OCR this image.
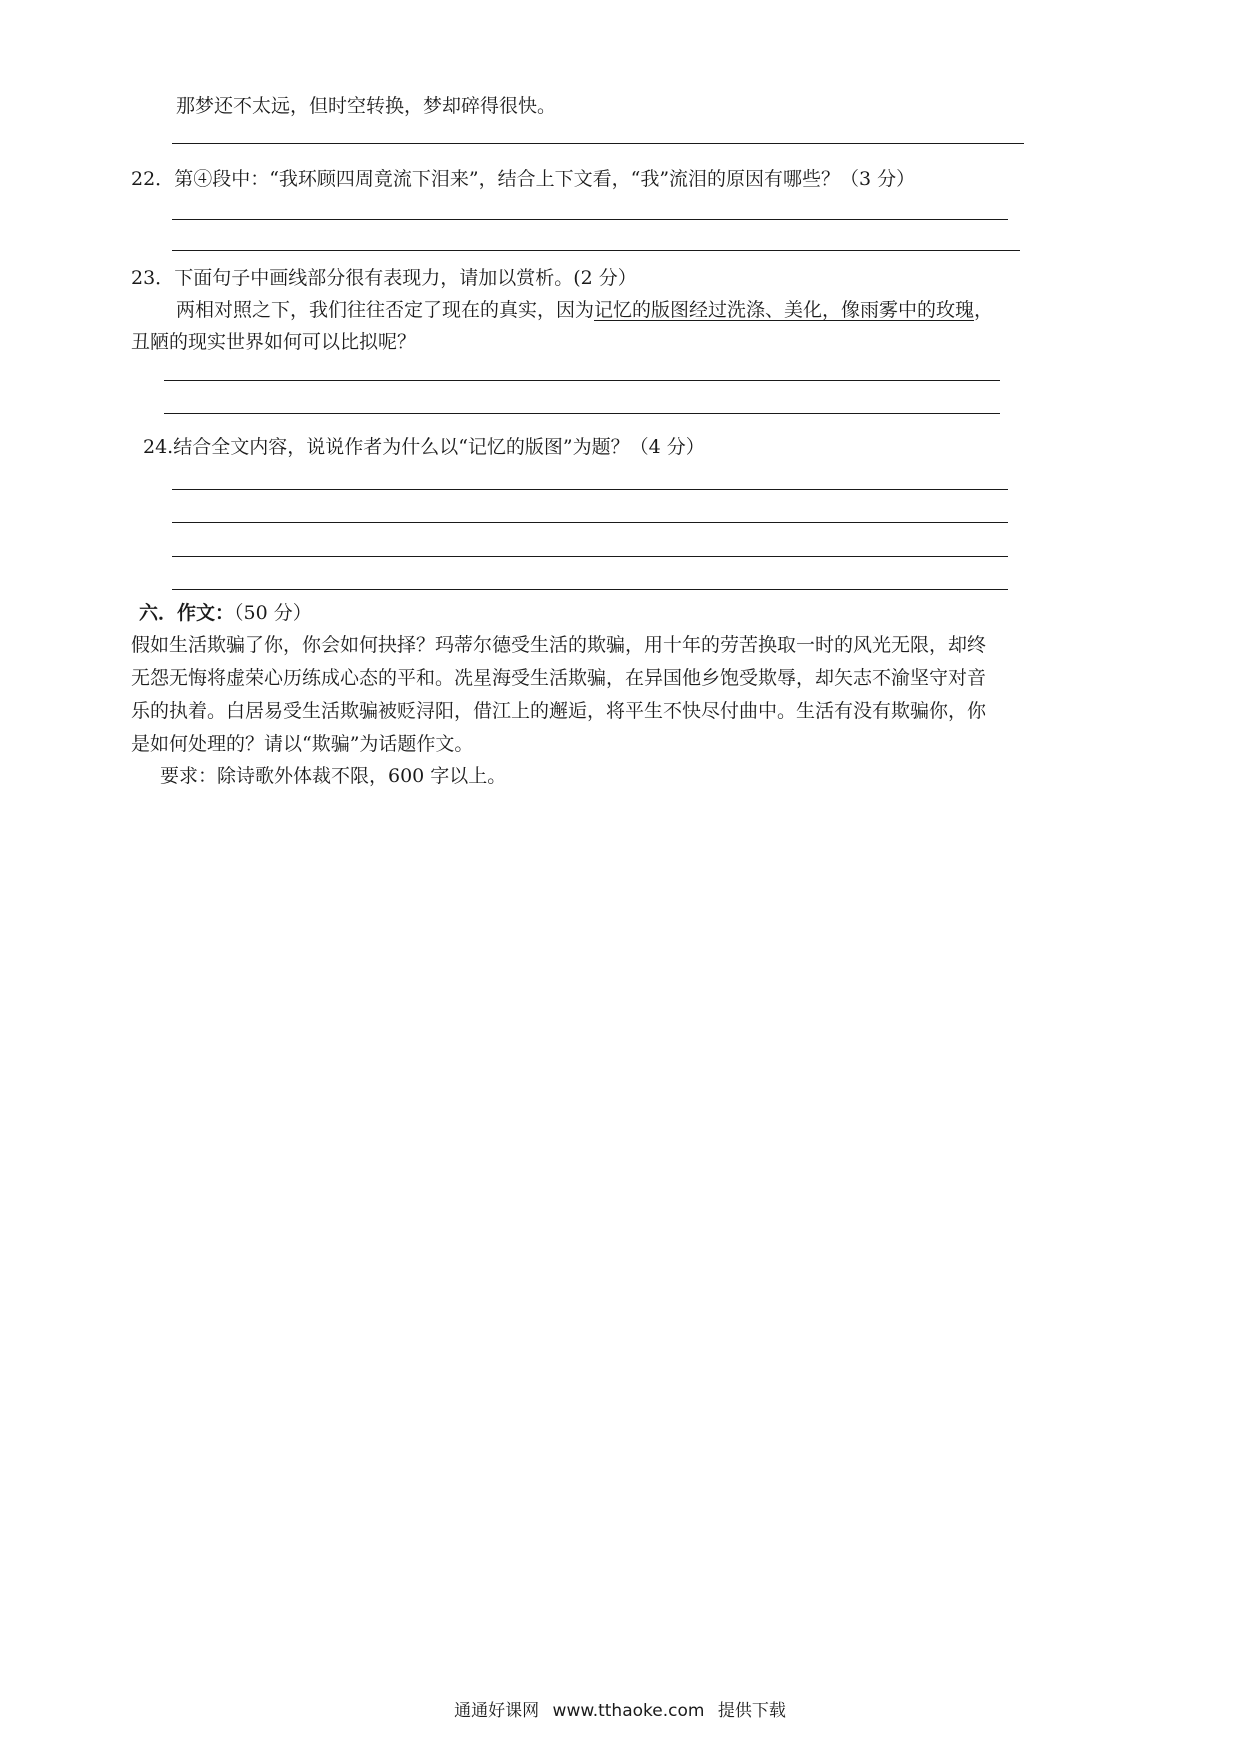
那梦还不太远，但时空转换，梦却碎得很快。
22．第④段中：“我环顾四周竟流下泪来”，结合上下文看，“我”流泪的原因有哪些？（3 分）
23．下面句子中画线部分很有表现力，请加以赏析。(2 分）
两相对照之下，我们往往否定了现在的真实，因为记忆的版图经过洗涤、美化，像雨雾中的玫瑰，
丑陋的现实世界如何可以比拟呢？
24.结合全文内容，说说作者为什么以“记忆的版图”为题？（4 分）
六．作文：（50 分）
假如生活欺骗了你，你会如何抉择？玛蒂尔德受生活的欺骗，用十年的劳苦换取一时的风光无限，却终
无怨无悔将虚荣心历练成心态的平和。冼星海受生活欺骗，在异国他乡饱受欺辱，却矢志不渝坚守对音
乐的执着。白居易受生活欺骗被贬浔阳，借江上的邂逅，将平生不快尽付曲中。生活有没有欺骗你，你
是如何处理的？请以“欺骗”为话题作文。
要求：除诗歌外体裁不限，600 字以上。
通通好课网 www.tthaoke.com 提供下载
